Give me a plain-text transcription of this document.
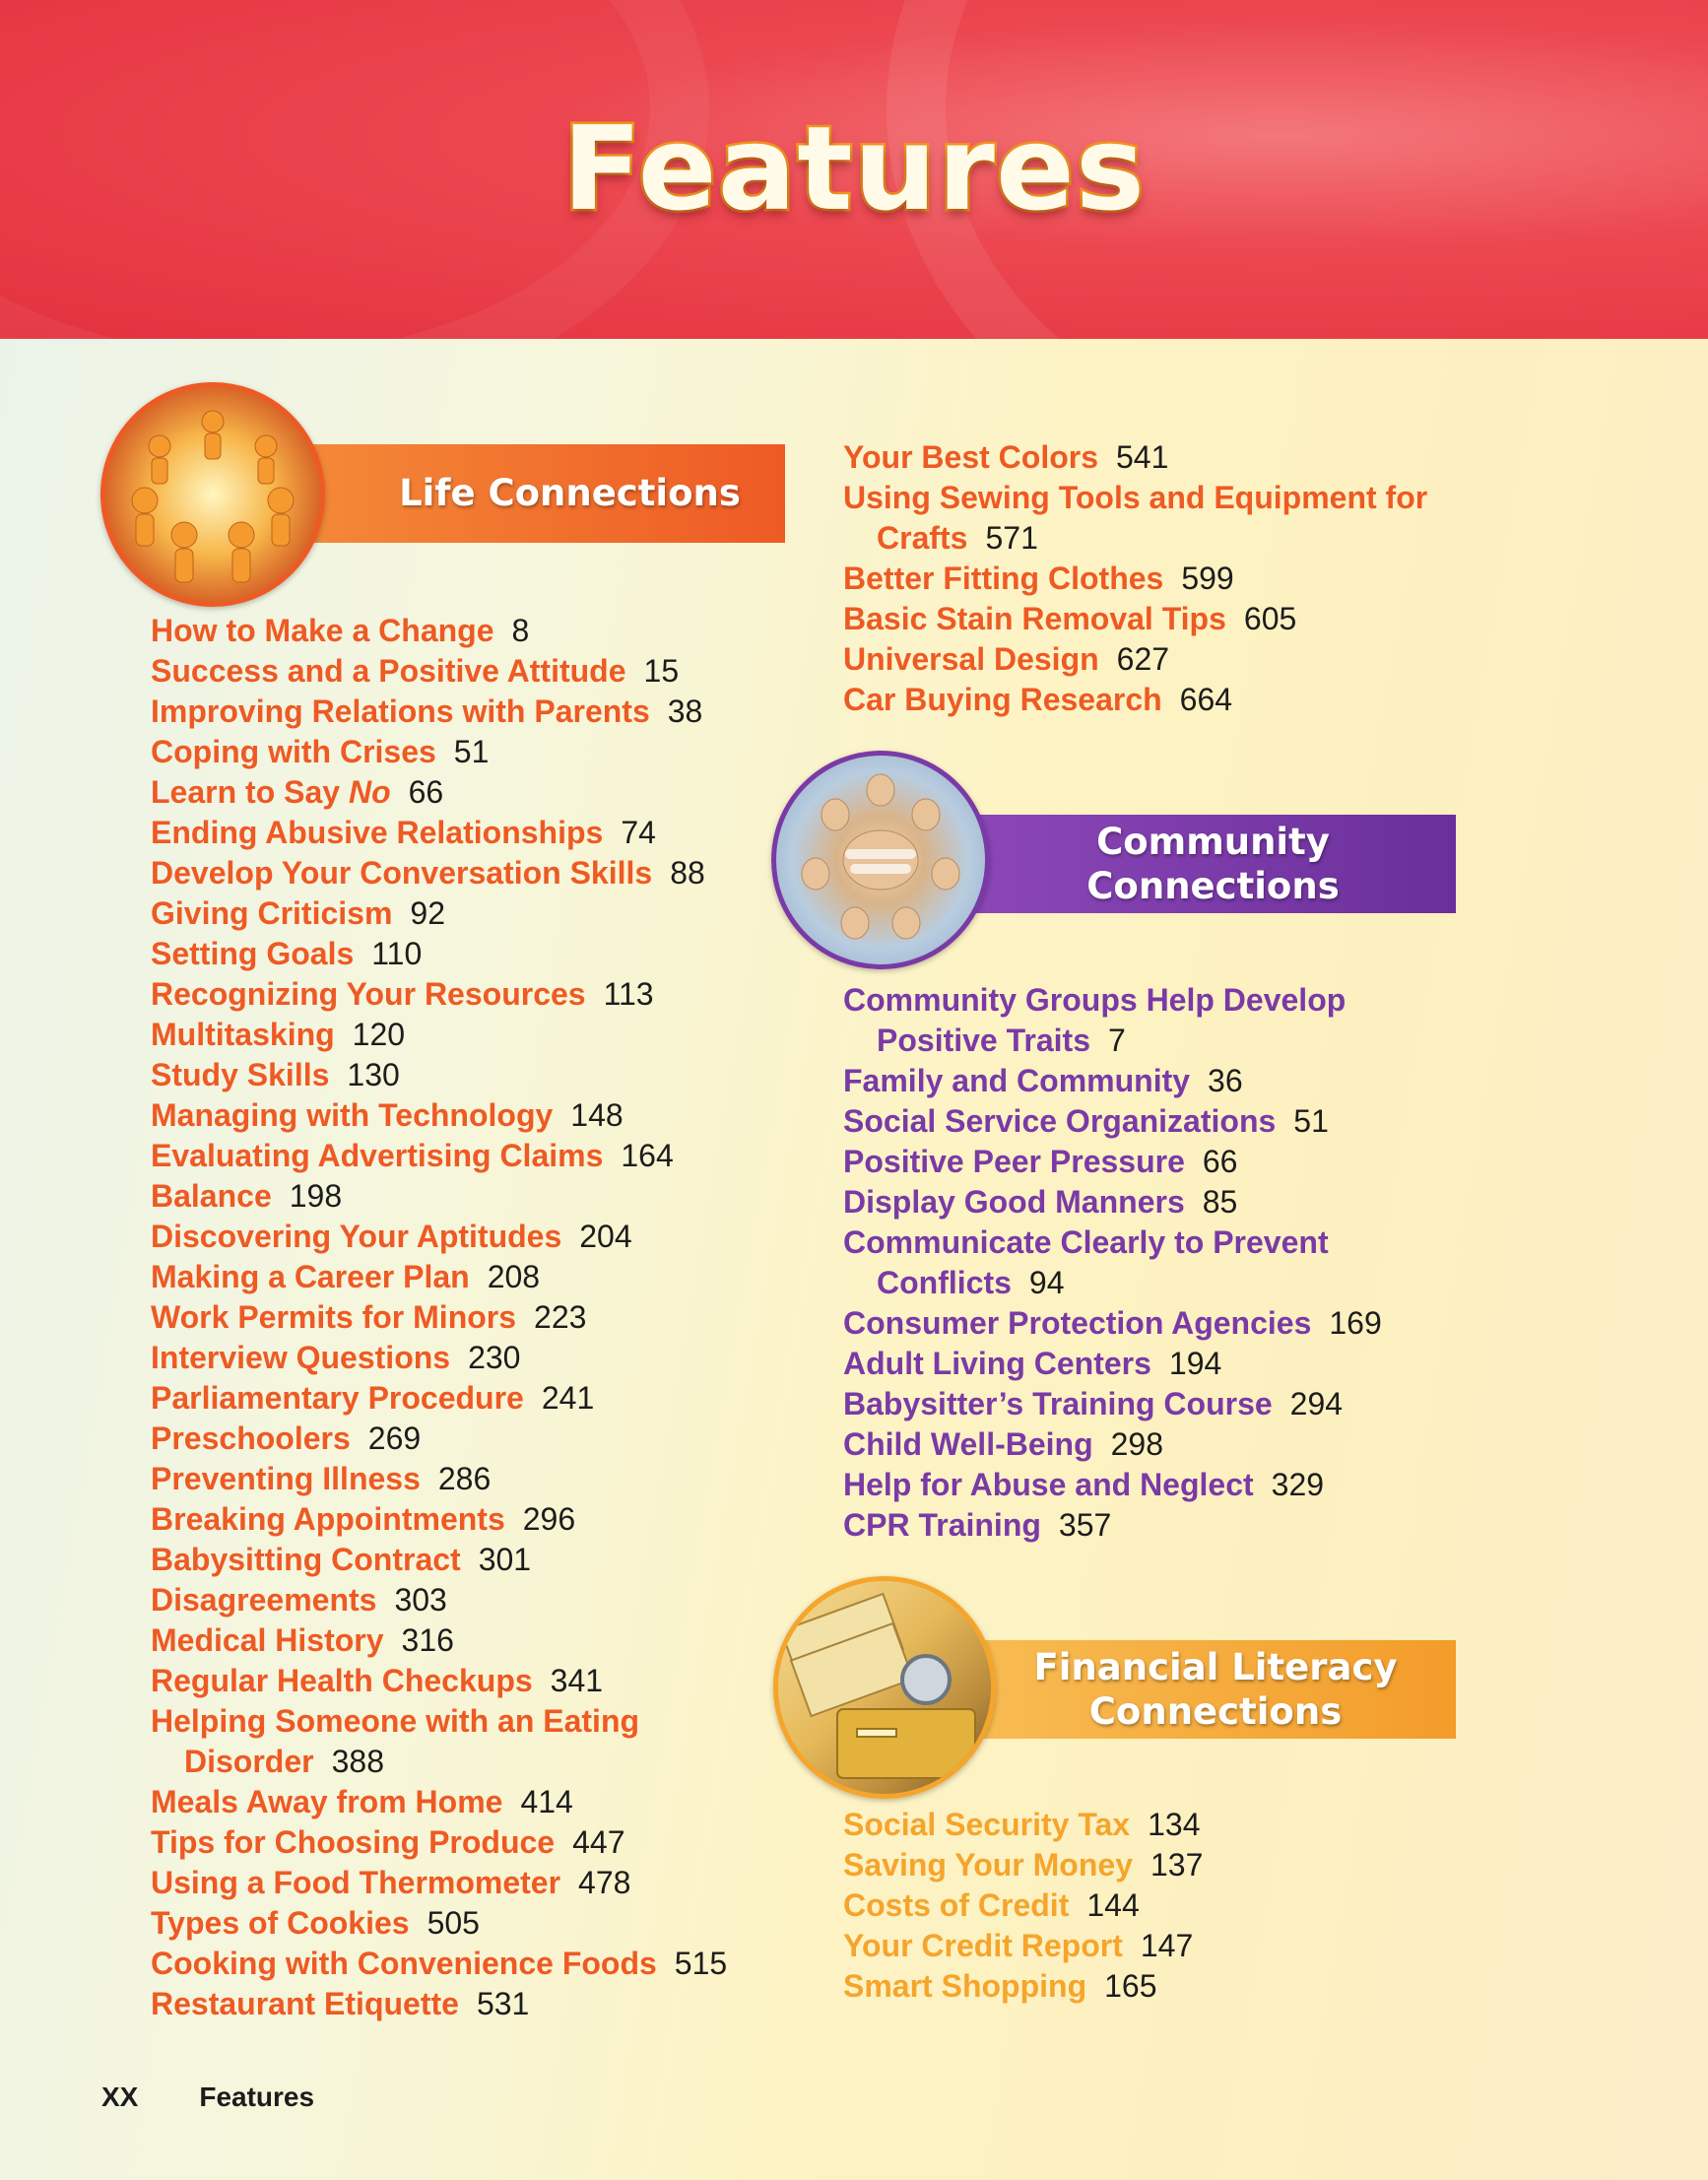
Features
Life Connections
How to Make a Change 8
Success and a Positive Attitude 15
Improving Relations with Parents 38
Coping with Crises 51
Learn to Say No 66
Ending Abusive Relationships 74
Develop Your Conversation Skills 88
Giving Criticism 92
Setting Goals 110
Recognizing Your Resources 113
Multitasking 120
Study Skills 130
Managing with Technology 148
Evaluating Advertising Claims 164
Balance 198
Discovering Your Aptitudes 204
Making a Career Plan 208
Work Permits for Minors 223
Interview Questions 230
Parliamentary Procedure 241
Preschoolers 269
Preventing Illness 286
Breaking Appointments 296
Babysitting Contract 301
Disagreements 303
Medical History 316
Regular Health Checkups 341
Helping Someone with an Eating Disorder 388
Meals Away from Home 414
Tips for Choosing Produce 447
Using a Food Thermometer 478
Types of Cookies 505
Cooking with Convenience Foods 515
Restaurant Etiquette 531
Your Best Colors 541
Using Sewing Tools and Equipment for Crafts 571
Better Fitting Clothes 599
Basic Stain Removal Tips 605
Universal Design 627
Car Buying Research 664
Community
Connections
Community Groups Help Develop Positive Traits 7
Family and Community 36
Social Service Organizations 51
Positive Peer Pressure 66
Display Good Manners 85
Communicate Clearly to Prevent Conflicts 94
Consumer Protection Agencies 169
Adult Living Centers 194
Babysitter’s Training Course 294
Child Well-Being 298
Help for Abuse and Neglect 329
CPR Training 357
Financial Literacy
Connections
Social Security Tax 134
Saving Your Money 137
Costs of Credit 144
Your Credit Report 147
Smart Shopping 165
XX Features
